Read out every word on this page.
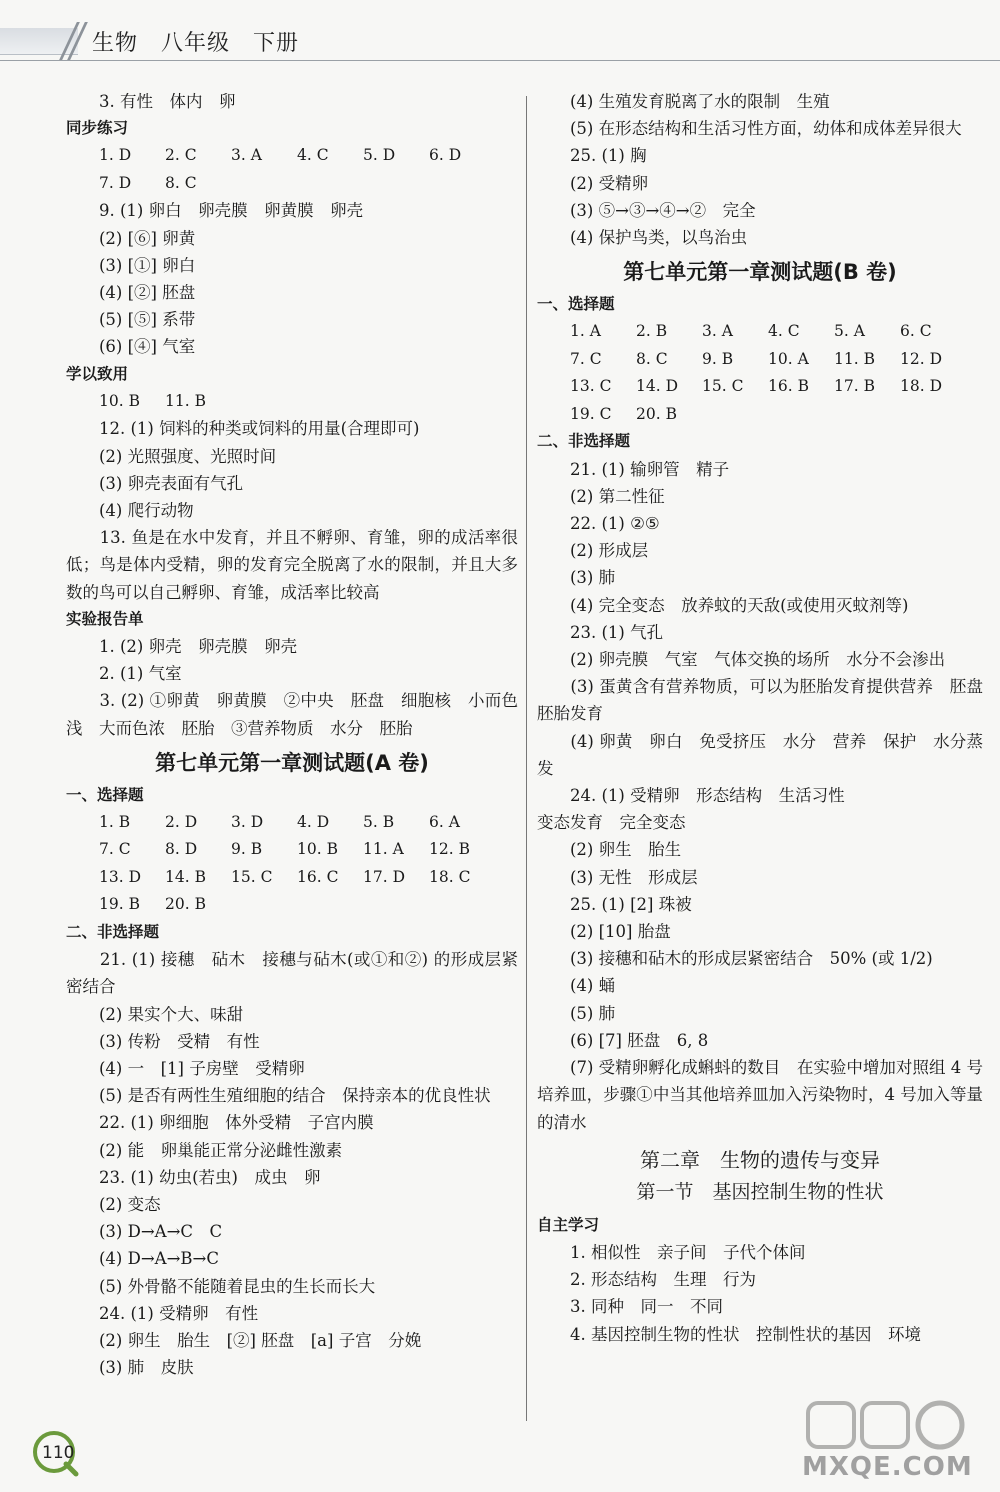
生物　八年级　下册
3. 有性　体内　卵
同步练习
1. D	2. C	3. A	4. C	5. D	6. D
7. D	8. C
9. (1) 卵白　卵壳膜　卵黄膜　卵壳
(2) [⑥] 卵黄
(3) [①] 卵白
(4) [②] 胚盘
(5) [⑤] 系带
(6) [④] 气室
学以致用
10. B	11. B
12. (1) 饲料的种类或饲料的用量(合理即可)
(2) 光照强度、光照时间
(3) 卵壳表面有气孔
(4) 爬行动物
　　13. 鱼是在水中发育，并且不孵卵、育雏，卵的成活率很低；鸟是体内受精，卵的发育完全脱离了水的限制，并且大多数的鸟可以自己孵卵、育雏，成活率比较高
实验报告单
1. (2) 卵壳　卵壳膜　卵壳
2. (1) 气室
　　3. (2) ①卵黄　卵黄膜　②中央　胚盘　细胞核　小而色浅　大而色浓　胚胎　③营养物质　水分　胚胎
第七单元第一章测试题(A 卷)
一、选择题
1. B	2. D	3. D	4. D	5. B	6. A
7. C	8. D	9. B	10. B	11. A	12. B
13. D	14. B	15. C	16. C	17. D	18. C
19. B	20. B
二、非选择题
　　21. (1) 接穗　砧木　接穗与砧木(或①和②) 的形成层紧密结合
(2) 果实个大、味甜
(3) 传粉　受精　有性
(4) 一　[1] 子房壁　受精卵
　　(5) 是否有两性生殖细胞的结合　保持亲本的优良性状
22. (1) 卵细胞　体外受精　子宫内膜
(2) 能　卵巢能正常分泌雌性激素
23. (1) 幼虫(若虫)　成虫　卵
(2) 变态
(3) D→A→C　C
(4) D→A→B→C
(5) 外骨骼不能随着昆虫的生长而长大
24. (1) 受精卵　有性
(2) 卵生　胎生　[②] 胚盘　[a] 子宫　分娩
(3) 肺　皮肤
(4) 生殖发育脱离了水的限制　生殖
　　(5) 在形态结构和生活习性方面，幼体和成体差异很大
25. (1) 胸
(2) 受精卵
(3) ⑤→③→④→②　完全
(4) 保护鸟类，以鸟治虫
第七单元第一章测试题(B 卷)
一、选择题
1. A	2. B	3. A	4. C	5. A	6. C
7. C	8. C	9. B	10. A	11. B	12. D
13. C	14. D	15. C	16. B	17. B	18. D
19. C	20. B
二、非选择题
21. (1) 输卵管　精子
(2) 第二性征
22. (1) ②⑤
(2) 形成层
(3) 肺
(4) 完全变态　放养蚊的天敌(或使用灭蚊剂等)
23. (1) 气孔
(2) 卵壳膜　气室　气体交换的场所　水分不会渗出
　　(3) 蛋黄含有营养物质，可以为胚胎发育提供营养　胚盘　胚胎发育
　　(4) 卵黄　卵白　免受挤压　水分　营养　保护　水分蒸发
24. (1) 受精卵　形态结构　生活习性
变态发育　完全变态
(2) 卵生　胎生
(3) 无性　形成层
25. (1) [2] 珠被
(2) [10] 胎盘
(3) 接穗和砧木的形成层紧密结合　50% (或 1/2)
(4) 蛹
(5) 肺
(6) [7] 胚盘　6, 8
　　(7) 受精卵孵化成蝌蚪的数目　在实验中增加对照组 4 号培养皿，步骤①中当其他培养皿加入污染物时，4 号加入等量的清水
第二章　生物的遗传与变异
第一节　基因控制生物的性状
自主学习
1. 相似性　亲子间　子代个体间
2. 形态结构　生理　行为
3. 同种　同一　不同
4. 基因控制生物的性状　控制性状的基因　环境
110	MXQE.COM
